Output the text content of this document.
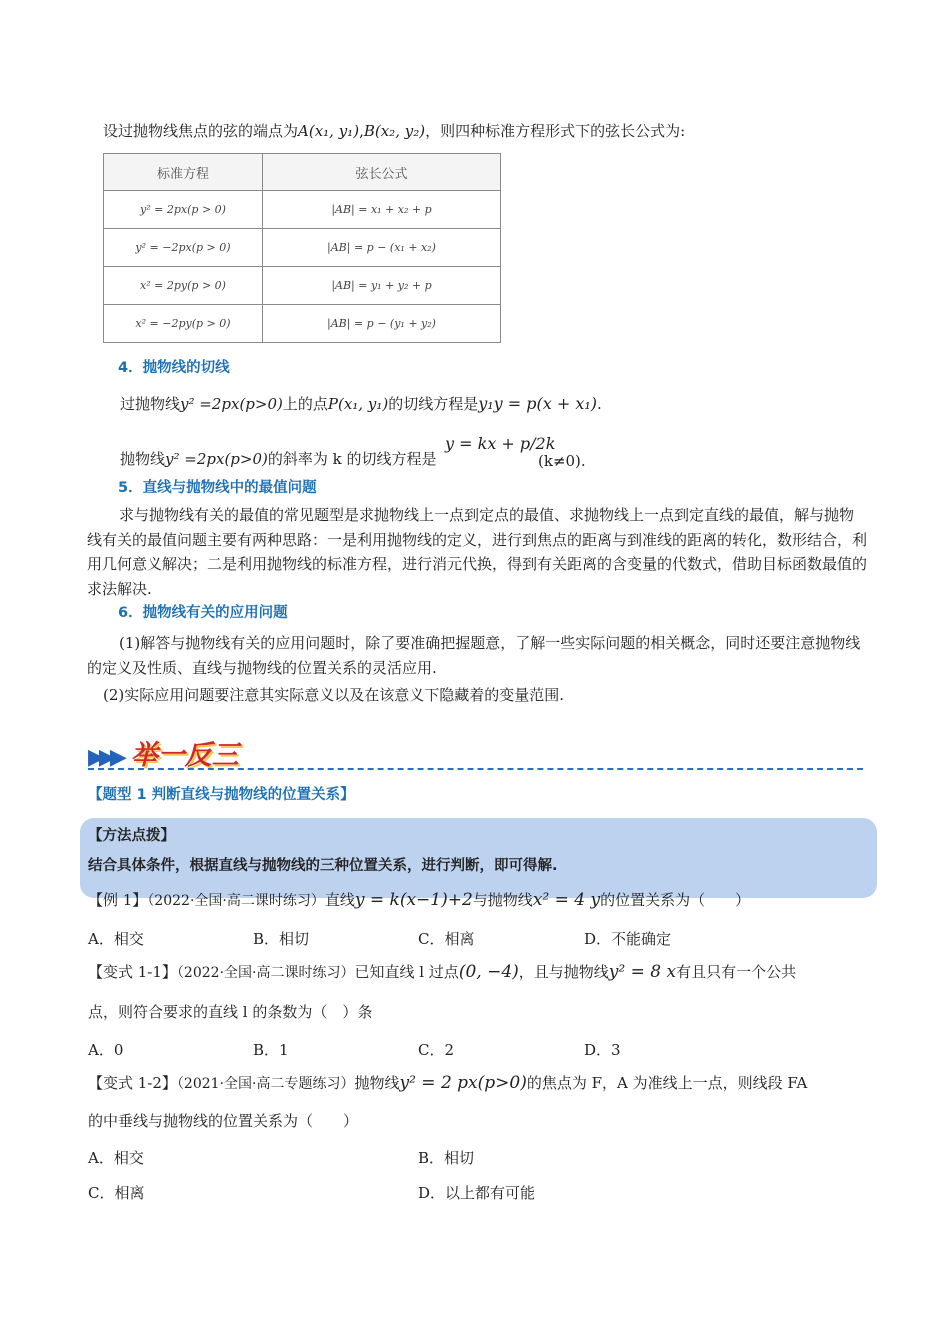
设过抛物线焦点的弦的端点为A(x₁, y₁),B(x₂, y₂)，则四种标准方程形式下的弦长公式为:
标准方程	弦长公式
y² = 2px(p > 0)	|AB| = x₁ + x₂ + p
y² = −2px(p > 0)	|AB| = p − (x₁ + x₂)
x² = 2py(p > 0)	|AB| = y₁ + y₂ + p
x² = −2py(p > 0)	|AB| = p − (y₁ + y₂)
4．抛物线的切线
过抛物线y² =2px(p>0)上的点P(x₁, y₁)的切线方程是y₁y = p(x + x₁).
抛物线y² =2px(p>0)的斜率为 k 的切线方程是
y = kx + p/2k
(k≠0).
5．直线与抛物线中的最值问题
求与抛物线有关的最值的常见题型是求抛物线上一点到定点的最值、求抛物线上一点到定直线的最值，解与抛物线有关的最值问题主要有两种思路：一是利用抛物线的定义，进行到焦点的距离与到准线的距离的转化，数形结合，利用几何意义解决；二是利用抛物线的标准方程，进行消元代换，得到有关距离的含变量的代数式，借助目标函数最值的求法解决.
6．抛物线有关的应用问题
(1)解答与抛物线有关的应用问题时，除了要准确把握题意，了解一些实际问题的相关概念，同时还要注意抛物线的定义及性质、直线与抛物线的位置关系的灵活应用.
(2)实际应用问题要注意其实际意义以及在该意义下隐藏着的变量范围.
▶▶▶ 举一反三
【题型 1 判断直线与抛物线的位置关系】
【方法点拨】
结合具体条件，根据直线与抛物线的三种位置关系，进行判断，即可得解.
【例 1】（2022·全国·高二课时练习）直线y = k(x−1)+2与抛物线x² = 4 y的位置关系为（　　）
A．相交	B．相切	C．相离	D．不能确定
【变式 1-1】（2022·全国·高二课时练习）已知直线 l 过点(0, −4)，且与抛物线y² = 8 x有且只有一个公共
点，则符合要求的直线 l 的条数为（　）条
A．0	B．1	C．2	D．3
【变式 1-2】（2021·全国·高二专题练习）抛物线y² = 2 px(p>0)的焦点为 F，A 为准线上一点，则线段 FA
的中垂线与抛物线的位置关系为（　　）
A．相交	B．相切
C．相离	D．以上都有可能
